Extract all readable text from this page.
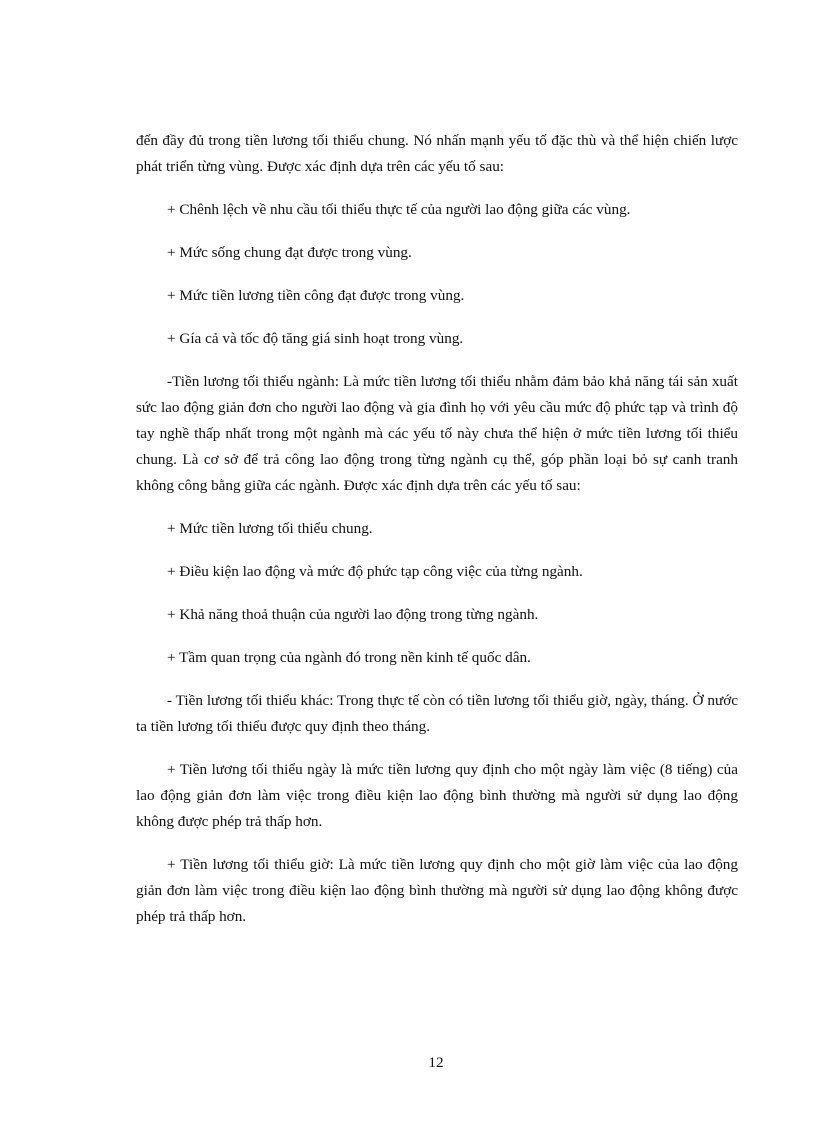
đến đầy đủ trong tiền lương tối thiểu chung. Nó nhấn mạnh yếu tố đặc thù và thể hiện chiến lược phát triển từng vùng. Được xác định dựa trên các yếu tố sau:

+ Chênh lệch về nhu cầu tối thiểu thực tế của người lao động giữa các vùng.

+ Mức sống chung đạt được trong vùng.

+ Mức tiền lương tiền công đạt được trong vùng.

+ Gía cả và tốc độ tăng giá sinh hoạt trong vùng.

-Tiền lương tối thiểu ngành: Là mức tiền lương tối thiểu nhằm đảm bảo khả năng tái sản xuất sức lao động giản đơn cho người lao động và gia đình họ với yêu cầu mức độ phức tạp và trình độ tay nghề thấp nhất trong một ngành mà các yếu tố này chưa thể hiện ở mức tiền lương tối thiểu chung. Là cơ sở để trả công lao động trong từng ngành cụ thể, góp phần loại bỏ sự canh tranh không công bằng giữa các ngành. Được xác định dựa trên các yếu tố sau:

+ Mức tiền lương tối thiểu chung.

+ Điều kiện lao động và mức độ phức tạp công việc của từng ngành.

+ Khả năng thoả thuận của người lao động trong từng ngành.

+ Tầm quan trọng của ngành đó trong nền kinh tế quốc dân.

- Tiền lương tối thiểu khác: Trong thực tế còn có tiền lương tối thiểu giờ, ngày, tháng. Ở nước ta tiền lương tối thiểu được quy định theo tháng.

+ Tiền lương tối thiểu ngày là mức tiền lương quy định cho một ngày làm việc (8 tiếng) của lao động giản đơn làm việc trong điều kiện lao động bình thường mà người sử dụng lao động không được phép trả thấp hơn.

+ Tiền lương tối thiểu giờ: Là mức tiền lương quy định cho một giờ làm việc của lao động giản đơn làm việc trong điều kiện lao động bình thường mà người sử dụng lao động không được phép trả thấp hơn.

12
